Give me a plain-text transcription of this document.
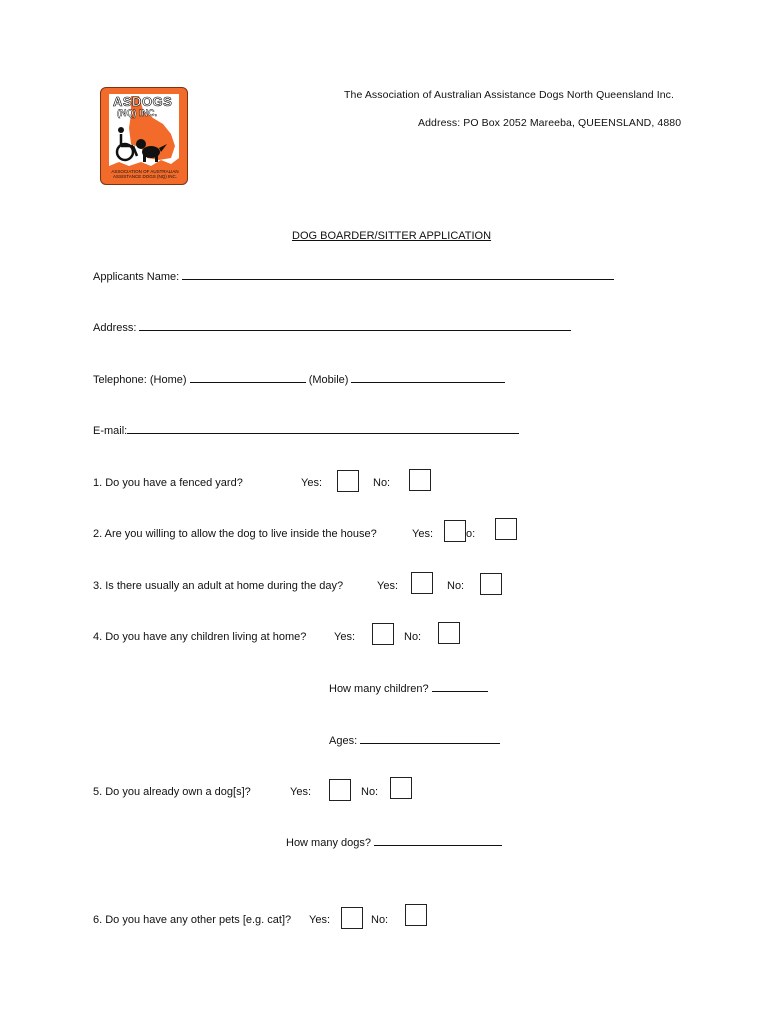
ASDOGS
(NQ) INC.
ASSOCIATION OF AUSTRALIAN ASSISTANCE DOGS (NQ) INC.
The Association of Australian Assistance Dogs North Queensland Inc.
Address: PO Box 2052 Mareeba, QUEENSLAND, 4880
DOG BOARDER/SITTER APPLICATION
Applicants Name:
Address:
Telephone: (Home)	(Mobile)
E-mail:
1. Do you have a fenced yard?	Yes:	No:
2. Are you willing to allow the dog to live inside the house?	Yes:	o:
3. Is there usually an adult at home during the day?	Yes:	No:
4. Do you have any children living at home?	Yes:	No:
How many children?
Ages:
5. Do you already own a dog[s]?	Yes:	No:
How many dogs?
6. Do you have any other pets [e.g. cat]? Yes:	No:
